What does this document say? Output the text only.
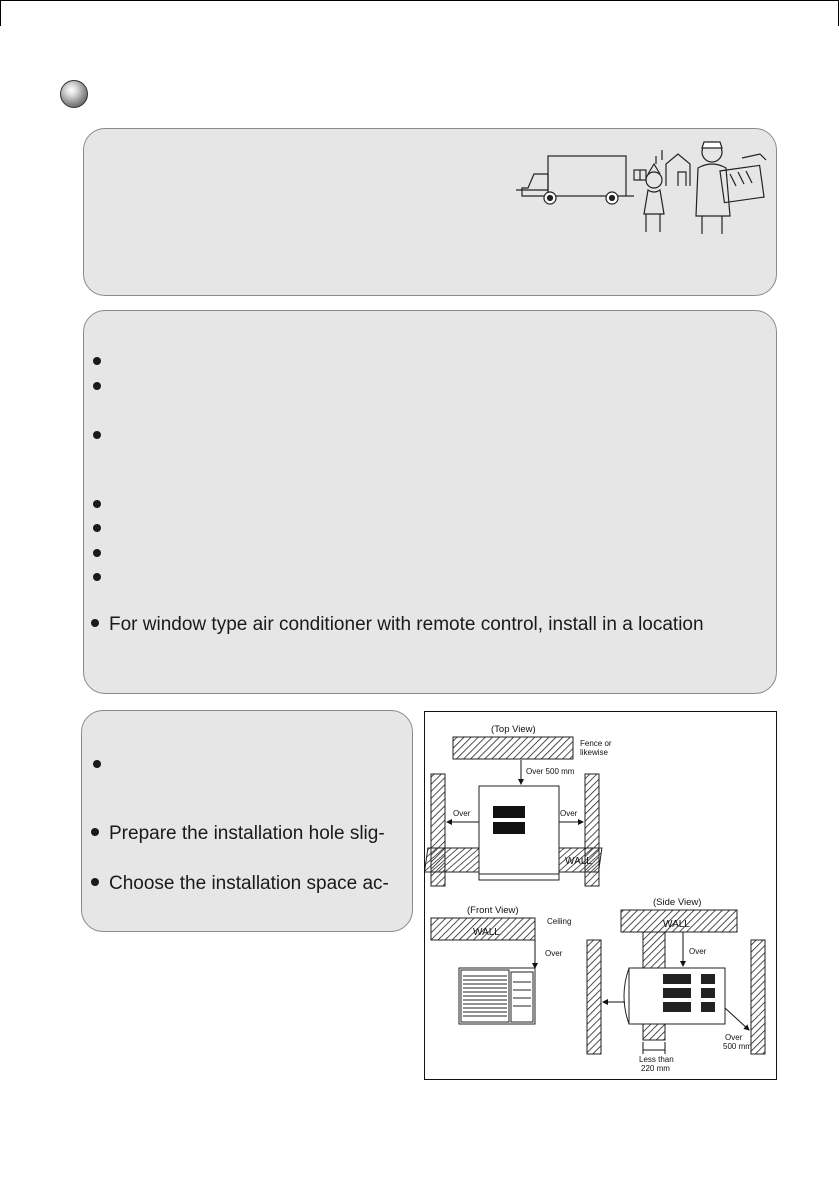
For window type air conditioner with remote control, install in a location
Prepare the installation hole slig-
Choose the installation space ac-
(Top View)
Fence or
likewise
Over 500 mm
Over	Over
WALL
(Front View)
WALL
Ceiling
Over
(Side View)
WALL
Over
Over
500 mm
Less than
220 mm
